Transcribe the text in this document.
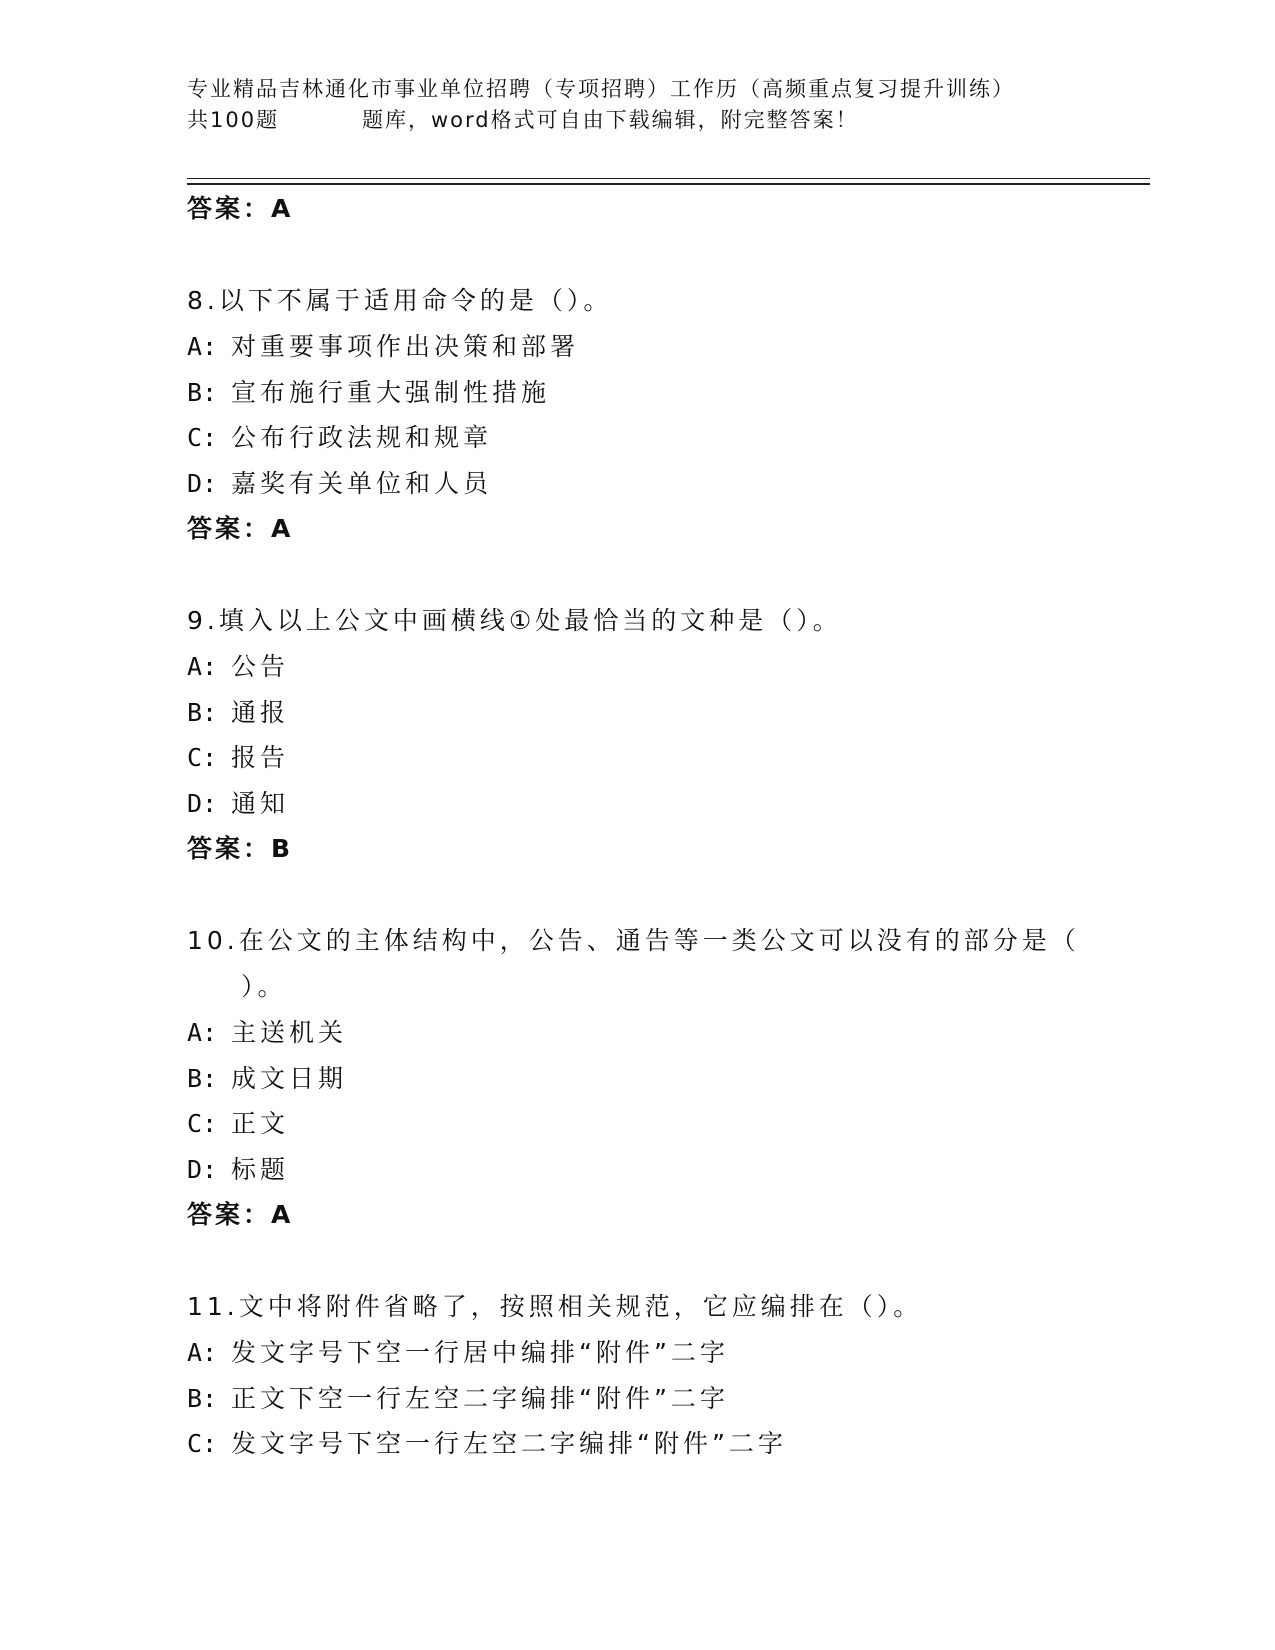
专业精品吉林通化市事业单位招聘（专项招聘）工作历（高频重点复习提升训练）
共100题	题库，word格式可自由下载编辑，附完整答案！
答案：A
8.以下不属于适用命令的是（）。
A: 对重要事项作出决策和部署
B: 宣布施行重大强制性措施
C: 公布行政法规和规章
D: 嘉奖有关单位和人员
答案：A
9.填入以上公文中画横线①处最恰当的文种是（）。
A: 公告
B: 通报
C: 报告
D: 通知
答案：B
10.在公文的主体结构中，公告、通告等一类公文可以没有的部分是（
）。
A: 主送机关
B: 成文日期
C: 正文
D: 标题
答案：A
11.文中将附件省略了，按照相关规范，它应编排在（）。
A: 发文字号下空一行居中编排“附件”二字
B: 正文下空一行左空二字编排“附件”二字
C: 发文字号下空一行左空二字编排“附件”二字
